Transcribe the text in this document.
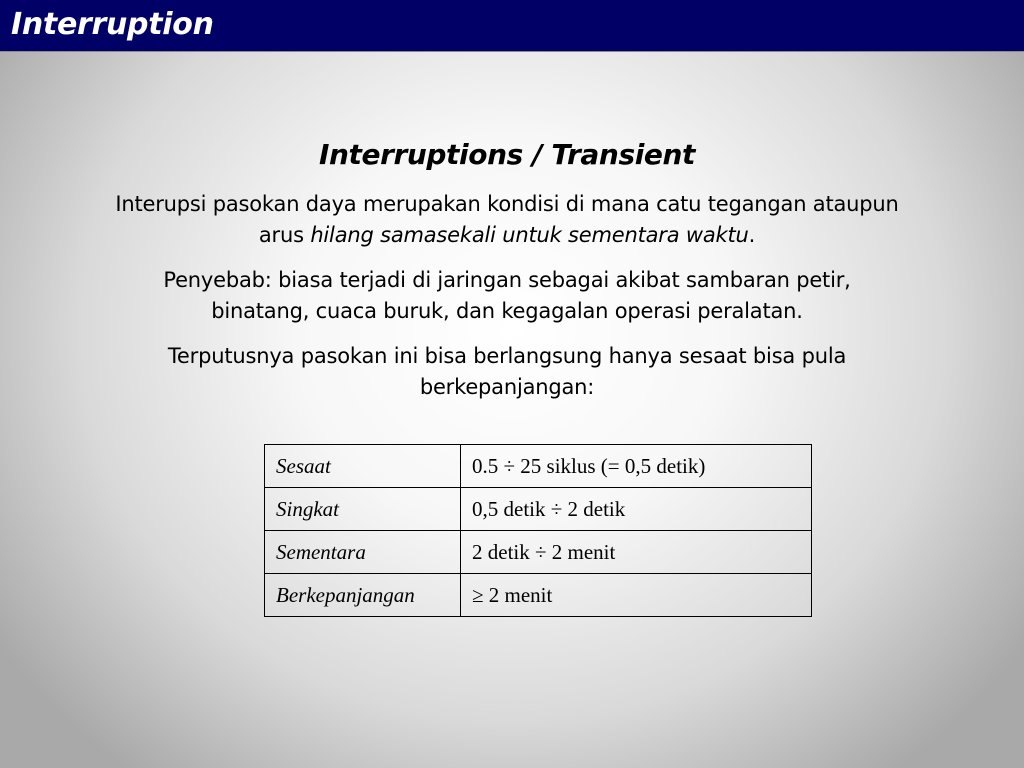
Interruption

Interruptions / Transient

Interupsi pasokan daya merupakan kondisi di mana catu tegangan ataupun arus hilang samasekali untuk sementara waktu.

Penyebab: biasa terjadi di jaringan sebagai akibat sambaran petir, binatang, cuaca buruk, dan kegagalan operasi peralatan.

Terputusnya pasokan ini bisa berlangsung hanya sesaat bisa pula berkepanjangan:

Sesaat	0.5 ÷ 25 siklus (= 0,5 detik)
Singkat	0,5 detik ÷ 2 detik
Sementara	2 detik ÷ 2 menit
Berkepanjangan	≥ 2 menit
